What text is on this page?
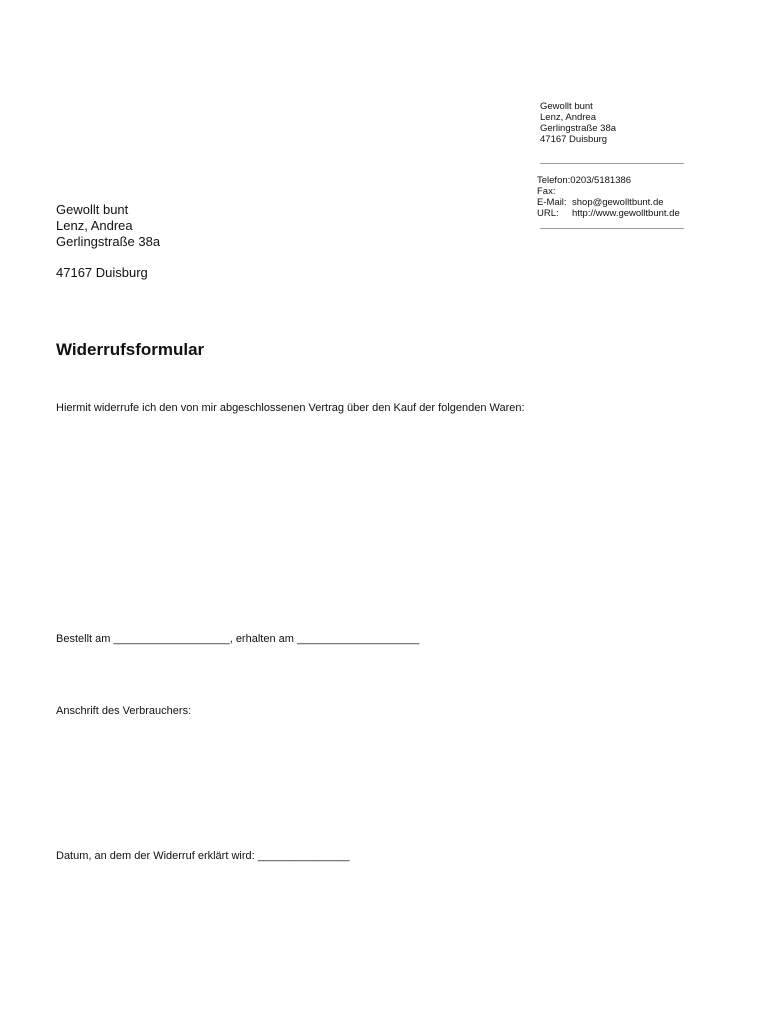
Gewollt bunt
Lenz, Andrea
Gerlingstraße 38a
47167 Duisburg
Telefon:0203/5181386
Fax:
E-Mail: shop@gewolltbunt.de
URL: http://www.gewolltbunt.de
Gewollt bunt
Lenz, Andrea
Gerlingstraße 38a
47167 Duisburg
Widerrufsformular
Hiermit widerrufe ich den von mir abgeschlossenen Vertrag über den Kauf der folgenden Waren:
Bestellt am ___________________, erhalten am ____________________
Anschrift des Verbrauchers:
Datum, an dem der Widerruf erklärt wird: _______________
